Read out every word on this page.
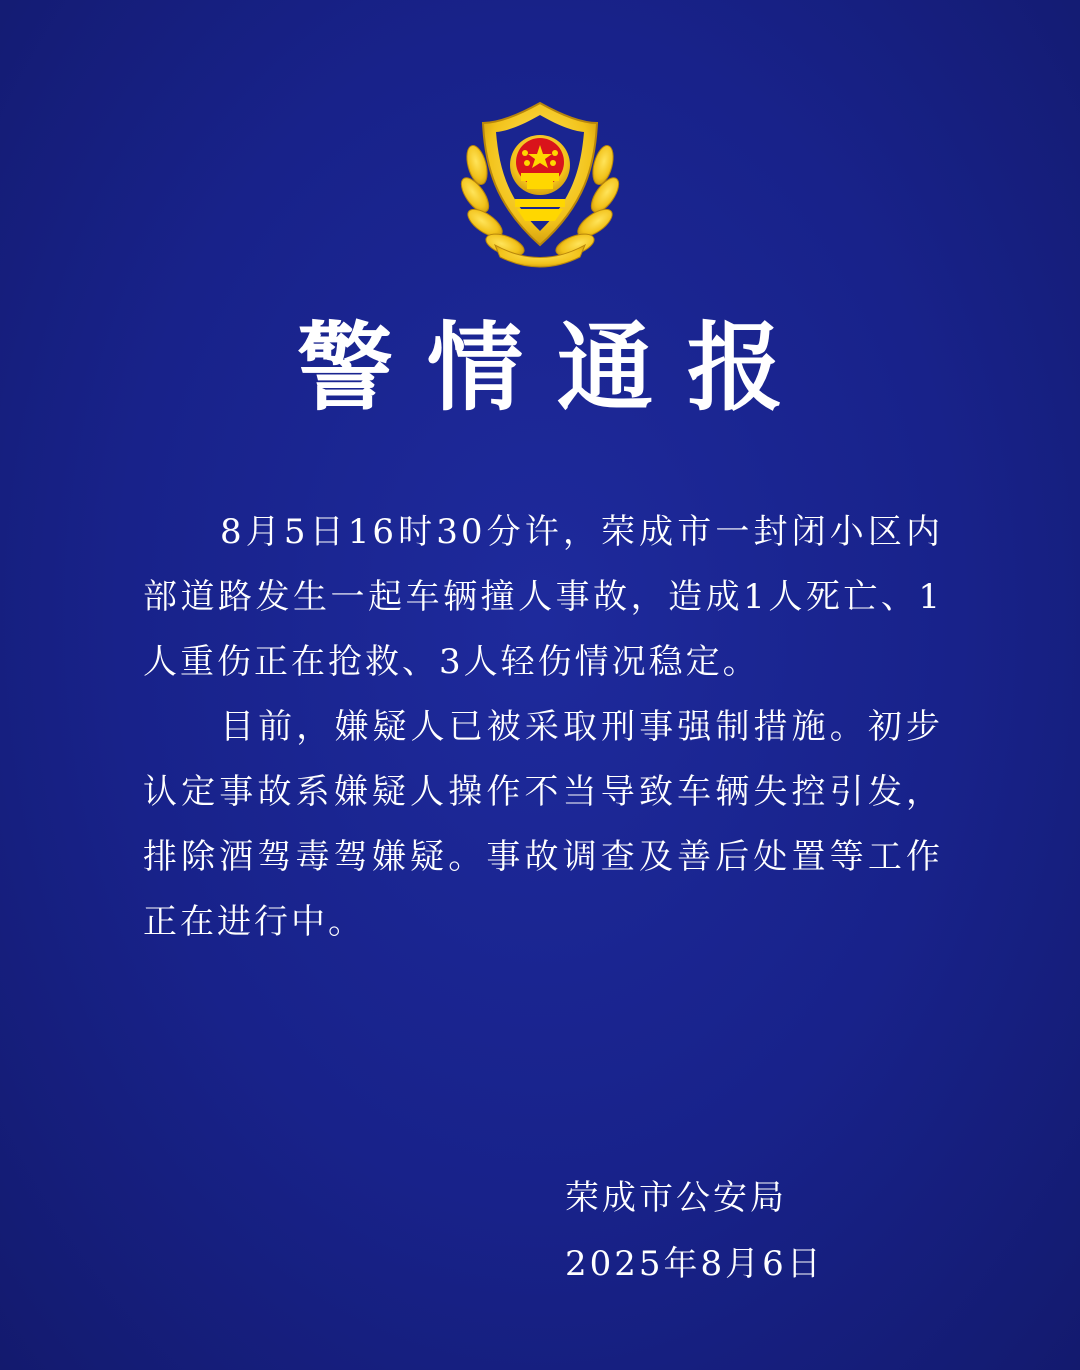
警情通报

8月5日16时30分许，荣成市一封闭小区内部道路发生一起车辆撞人事故，造成1人死亡、1人重伤正在抢救、3人轻伤情况稳定。

目前，嫌疑人已被采取刑事强制措施。初步认定事故系嫌疑人操作不当导致车辆失控引发，排除酒驾毒驾嫌疑。事故调查及善后处置等工作正在进行中。

荣成市公安局
2025年8月6日
